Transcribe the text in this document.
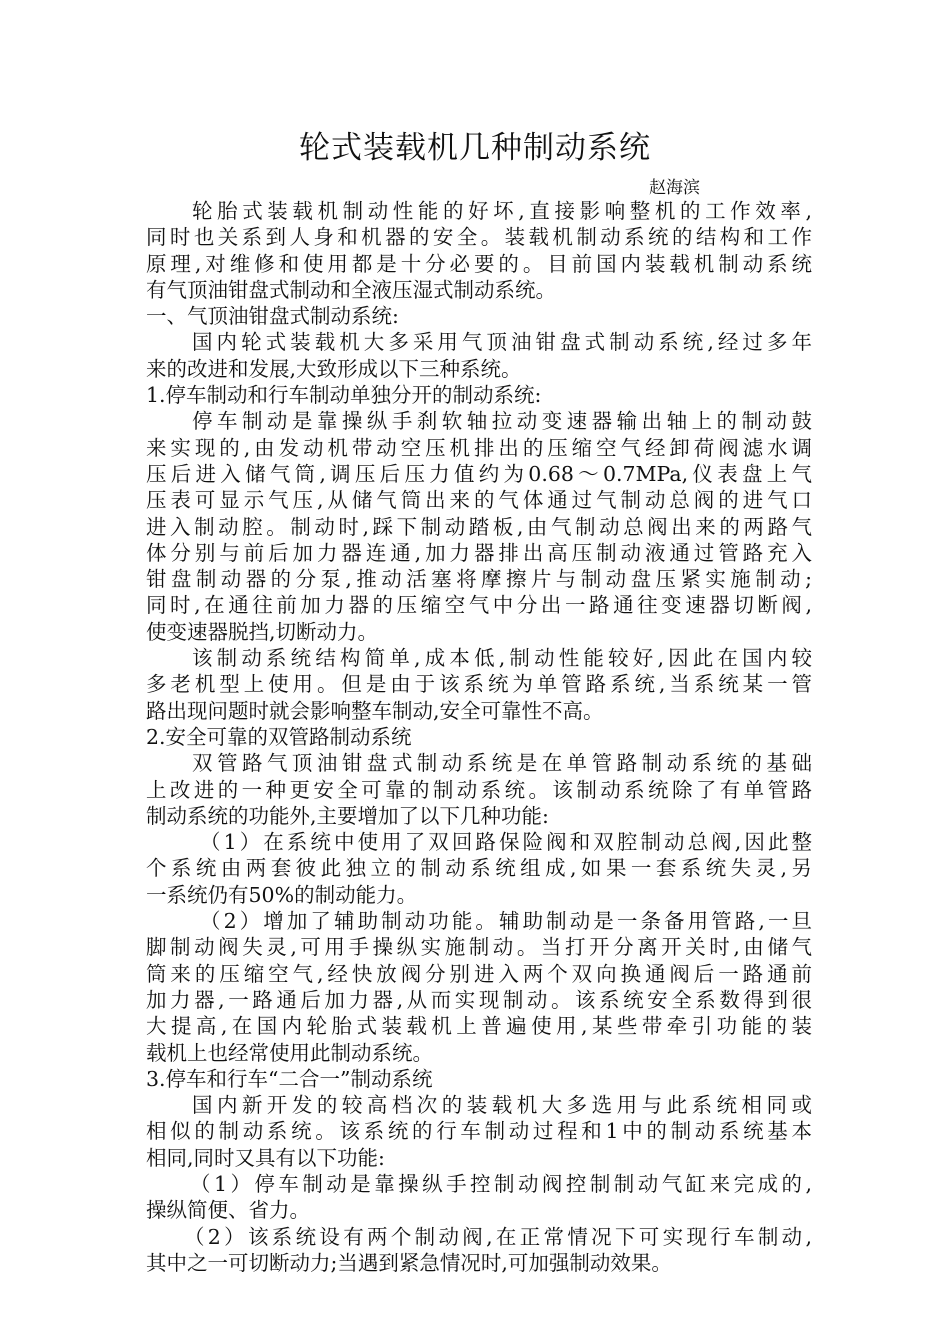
轮式装载机几种制动系统
赵海滨
轮胎式装载机制动性能的好坏,直接影响整机的工作效率,
同时也关系到人身和机器的安全。装载机制动系统的结构和工作
原理,对维修和使用都是十分必要的。目前国内装载机制动系统
有气顶油钳盘式制动和全液压湿式制动系统。
一、气顶油钳盘式制动系统:
国内轮式装载机大多采用气顶油钳盘式制动系统,经过多年
来的改进和发展,大致形成以下三种系统。
1.停车制动和行车制动单独分开的制动系统:
停车制动是靠操纵手刹软轴拉动变速器输出轴上的制动鼓
来实现的,由发动机带动空压机排出的压缩空气经卸荷阀滤水调
压后进入储气筒,调压后压力值约为0.68～0.7MPa,仪表盘上气
压表可显示气压,从储气筒出来的气体通过气制动总阀的进气口
进入制动腔。制动时,踩下制动踏板,由气制动总阀出来的两路气
体分别与前后加力器连通,加力器排出高压制动液通过管路充入
钳盘制动器的分泵,推动活塞将摩擦片与制动盘压紧实施制动;
同时,在通往前加力器的压缩空气中分出一路通往变速器切断阀,
使变速器脱挡,切断动力。
该制动系统结构简单,成本低,制动性能较好,因此在国内较
多老机型上使用。但是由于该系统为单管路系统,当系统某一管
路出现问题时就会影响整车制动,安全可靠性不高。
2.安全可靠的双管路制动系统
双管路气顶油钳盘式制动系统是在单管路制动系统的基础
上改进的一种更安全可靠的制动系统。该制动系统除了有单管路
制动系统的功能外,主要增加了以下几种功能:
（1）在系统中使用了双回路保险阀和双腔制动总阀,因此整
个系统由两套彼此独立的制动系统组成,如果一套系统失灵,另
一系统仍有50%的制动能力。
（2）增加了辅助制动功能。辅助制动是一条备用管路,一旦
脚制动阀失灵,可用手操纵实施制动。当打开分离开关时,由储气
筒来的压缩空气,经快放阀分别进入两个双向换通阀后一路通前
加力器,一路通后加力器,从而实现制动。该系统安全系数得到很
大提高,在国内轮胎式装载机上普遍使用,某些带牵引功能的装
载机上也经常使用此制动系统。
3.停车和行车“二合一”制动系统
国内新开发的较高档次的装载机大多选用与此系统相同或
相似的制动系统。该系统的行车制动过程和1中的制动系统基本
相同,同时又具有以下功能:
（1）停车制动是靠操纵手控制动阀控制制动气缸来完成的,
操纵简便、省力。
（2）该系统设有两个制动阀,在正常情况下可实现行车制动,
其中之一可切断动力;当遇到紧急情况时,可加强制动效果。
